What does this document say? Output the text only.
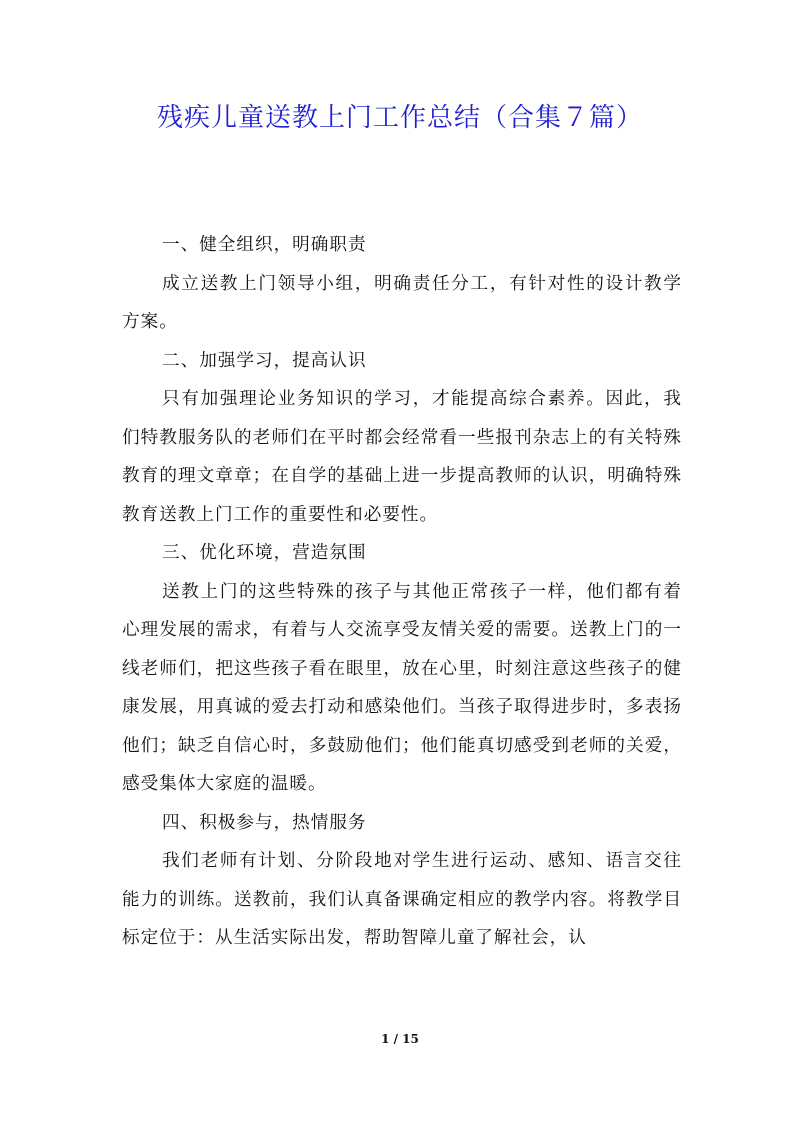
残疾儿童送教上门工作总结（合集７篇）

一、健全组织，明确职责

成立送教上门领导小组，明确责任分工，有针对性的设计教学方案。

二、加强学习，提高认识

只有加强理论业务知识的学习，才能提高综合素养。因此，我们特教服务队的老师们在平时都会经常看一些报刊杂志上的有关特殊教育的理文章章；在自学的基础上进一步提高教师的认识，明确特殊教育送教上门工作的重要性和必要性。

三、优化环境，营造氛围

送教上门的这些特殊的孩子与其他正常孩子一样，他们都有着心理发展的需求，有着与人交流享受友情关爱的需要。送教上门的一线老师们，把这些孩子看在眼里，放在心里，时刻注意这些孩子的健康发展，用真诚的爱去打动和感染他们。当孩子取得进步时，多表扬他们；缺乏自信心时，多鼓励他们；他们能真切感受到老师的关爱，感受集体大家庭的温暖。

四、积极参与，热情服务

我们老师有计划、分阶段地对学生进行运动、感知、语言交往能力的训练。送教前，我们认真备课确定相应的教学内容。将教学目标定位于：从生活实际出发，帮助智障儿童了解社会，认

1 / 15
